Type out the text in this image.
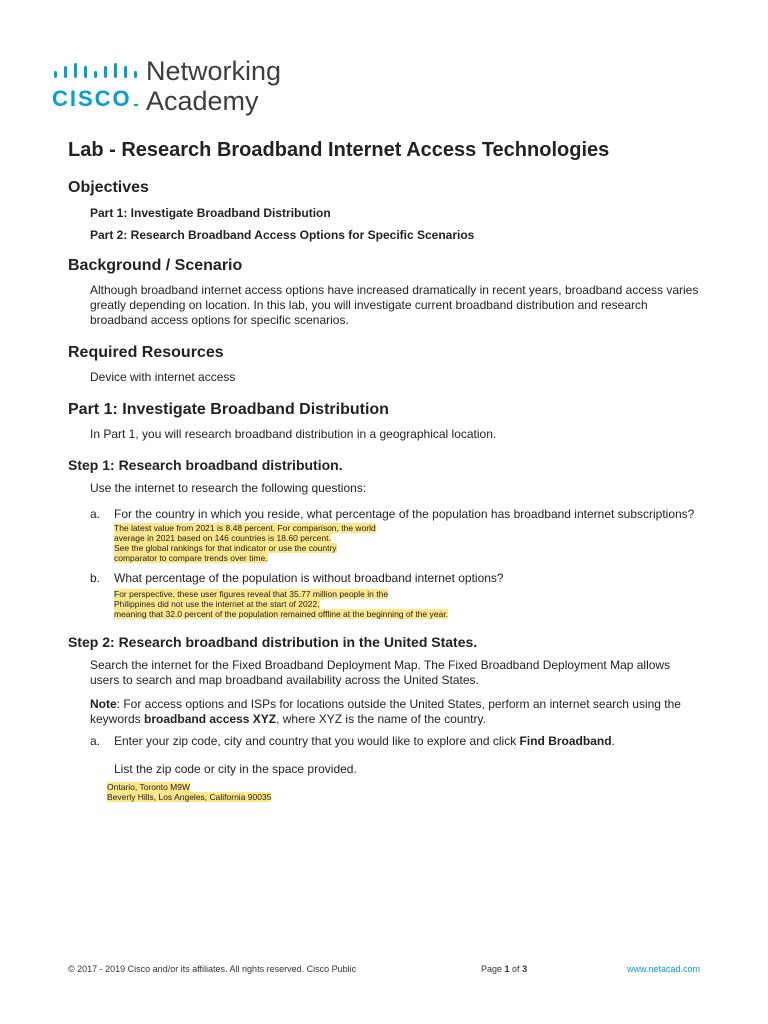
CISCO
Networking
Academy
Lab - Research Broadband Internet Access Technologies
Objectives
Part 1: Investigate Broadband Distribution
Part 2: Research Broadband Access Options for Specific Scenarios
Background / Scenario
Although broadband internet access options have increased dramatically in recent years, broadband access varies greatly depending on location. In this lab, you will investigate current broadband distribution and research broadband access options for specific scenarios.
Required Resources
Device with internet access
Part 1: Investigate Broadband Distribution
In Part 1, you will research broadband distribution in a geographical location.
Step 1: Research broadband distribution.
Use the internet to research the following questions:
a.	For the country in which you reside, what percentage of the population has broadband internet subscriptions?
The latest value from 2021 is 8.48 percent. For comparison, the world
average in 2021 based on 146 countries is 18.60 percent.
See the global rankings for that indicator or use the country
comparator to compare trends over time.
b.	What percentage of the population is without broadband internet options?
For perspective, these user figures reveal that 35.77 million people in the
Philippines did not use the internet at the start of 2022,
meaning that 32.0 percent of the population remained offline at the beginning of the year.
Step 2: Research broadband distribution in the United States.
Search the internet for the Fixed Broadband Deployment Map. The Fixed Broadband Deployment Map allows users to search and map broadband availability across the United States.
Note: For access options and ISPs for locations outside the United States, perform an internet search using the keywords broadband access XYZ, where XYZ is the name of the country.
a.	Enter your zip code, city and country that you would like to explore and click Find Broadband.
List the zip code or city in the space provided.
Ontario, Toronto M9W
Beverly Hills, Los Angeles, California 90035
© 2017 - 2019 Cisco and/or its affiliates. All rights reserved. Cisco Public	Page 1 of 3	www.netacad.com
